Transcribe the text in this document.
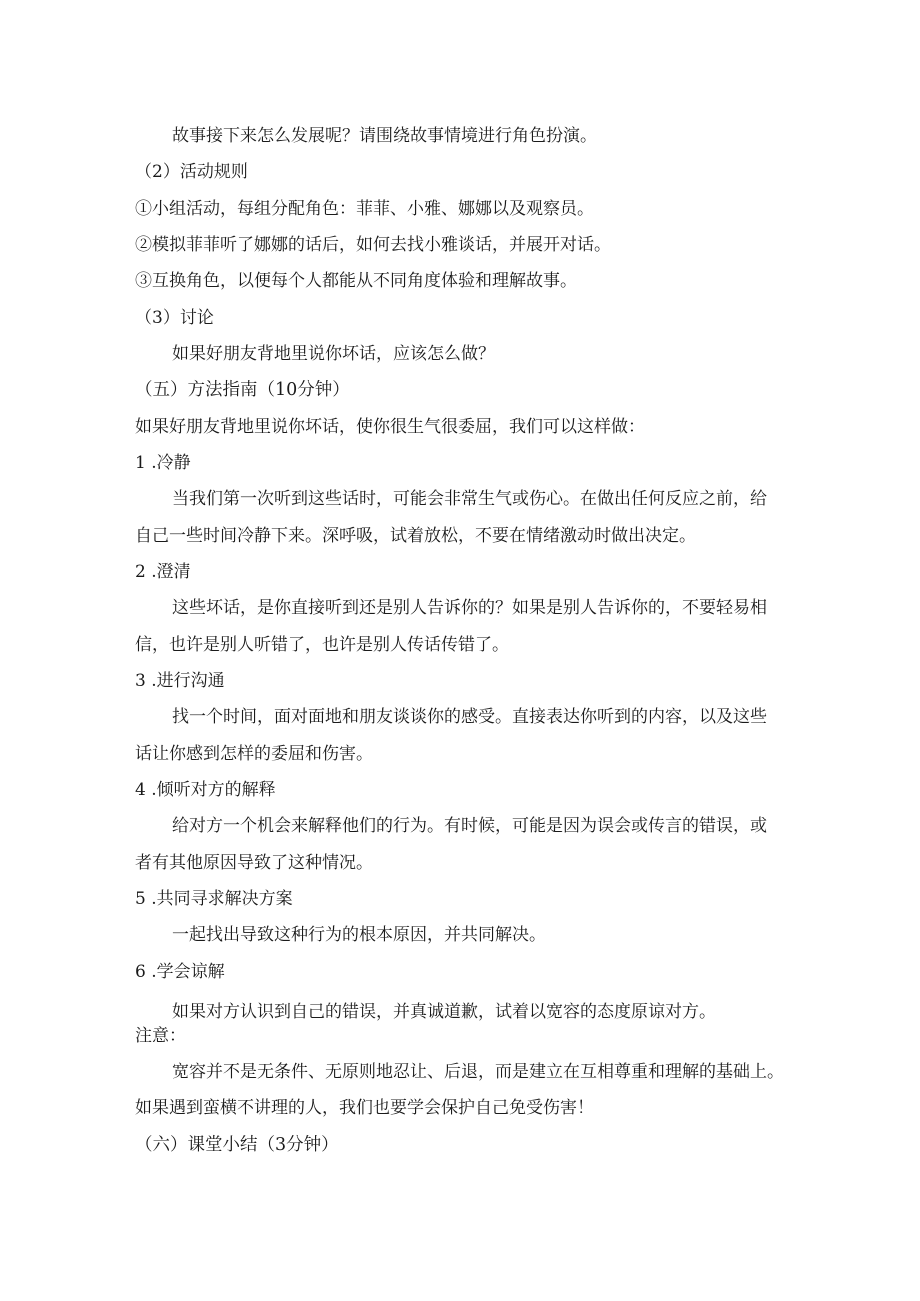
故事接下来怎么发展呢？请围绕故事情境进行角色扮演。
（2）活动规则
①小组活动，每组分配角色：菲菲、小雅、娜娜以及观察员。
②模拟菲菲听了娜娜的话后，如何去找小雅谈话，并展开对话。
③互换角色，以便每个人都能从不同角度体验和理解故事。
（3）讨论
如果好朋友背地里说你坏话，应该怎么做？
（五）方法指南（10分钟）
如果好朋友背地里说你坏话，使你很生气很委屈，我们可以这样做：
1 .冷静
当我们第一次听到这些话时，可能会非常生气或伤心。在做出任何反应之前，给
自己一些时间冷静下来。深呼吸，试着放松，不要在情绪激动时做出决定。
2 .澄清
这些坏话，是你直接听到还是别人告诉你的？如果是别人告诉你的，不要轻易相
信，也许是别人听错了，也许是别人传话传错了。
3 .进行沟通
找一个时间，面对面地和朋友谈谈你的感受。直接表达你听到的内容，以及这些
话让你感到怎样的委屈和伤害。
4 .倾听对方的解释
给对方一个机会来解释他们的行为。有时候，可能是因为误会或传言的错误，或
者有其他原因导致了这种情况。
5 .共同寻求解决方案
一起找出导致这种行为的根本原因，并共同解决。
6 .学会谅解
如果对方认识到自己的错误，并真诚道歉，试着以宽容的态度原谅对方。
注意：
宽容并不是无条件、无原则地忍让、后退，而是建立在互相尊重和理解的基础上。
如果遇到蛮横不讲理的人，我们也要学会保护自己免受伤害！
（六）课堂小结（3分钟）
